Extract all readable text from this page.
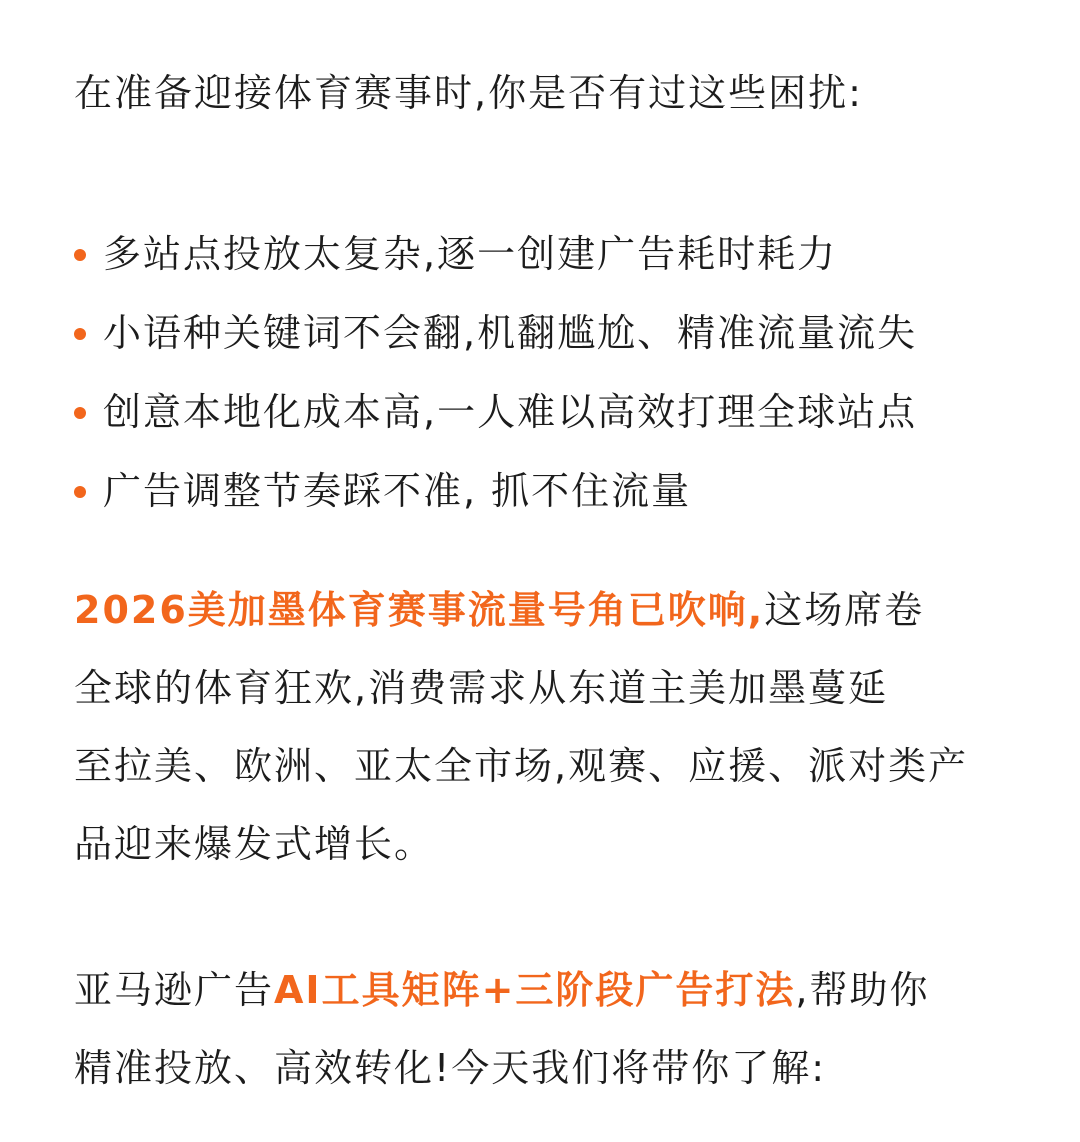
在准备迎接体育赛事时,你是否有过这些困扰:

多站点投放太复杂,逐一创建广告耗时耗力
小语种关键词不会翻,机翻尴尬、精准流量流失
创意本地化成本高,一人难以高效打理全球站点
广告调整节奏踩不准, 抓不住流量

2026美加墨体育赛事流量号角已吹响,这场席卷
全球的体育狂欢,消费需求从东道主美加墨蔓延
至拉美、欧洲、亚太全市场,观赛、应援、派对类产
品迎来爆发式增长。

亚马逊广告AI工具矩阵+三阶段广告打法,帮助你
精准投放、高效转化!今天我们将带你了解:
